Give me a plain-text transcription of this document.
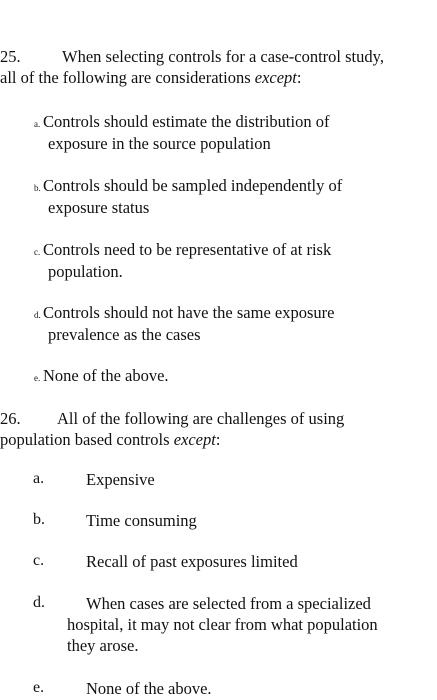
25.	When selecting controls for a case-control study,
all of the following are considerations except:
a. Controls should estimate the distribution of
exposure in the source population
b. Controls should be sampled independently of
exposure status
c. Controls need to be representative of at risk
population.
d. Controls should not have the same exposure
prevalence as the cases
e. None of the above.
26. All of the following are challenges of using
population based controls except:
a.	Expensive
b. Time consuming
c.	Recall of past exposures limited
d. When cases are selected from a specialized
hospital, it may not clear from what population
they arose.
e.	None of the above.
